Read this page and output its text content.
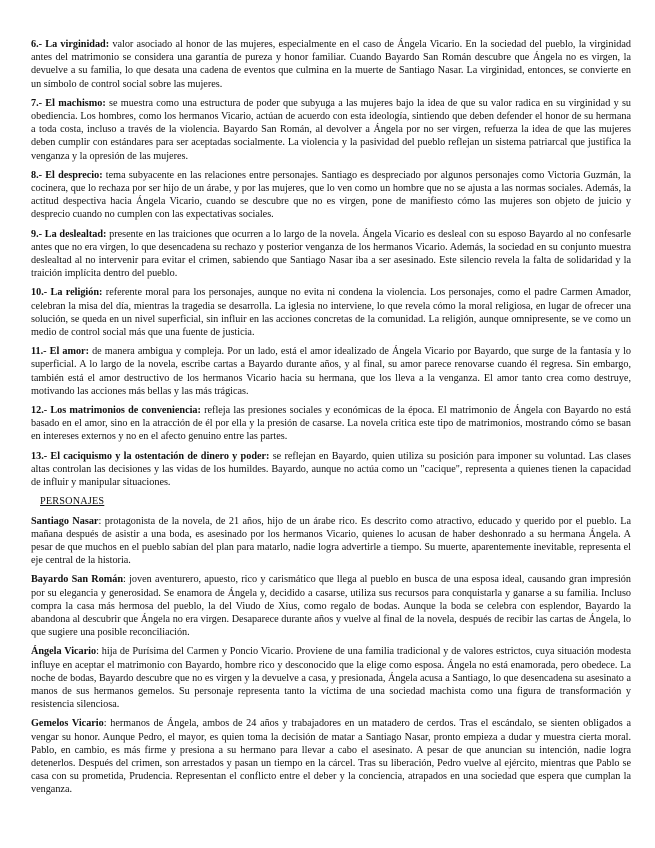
6.- La virginidad: valor asociado al honor de las mujeres, especialmente en el caso de Ángela Vicario. En la sociedad del pueblo, la virginidad antes del matrimonio se considera una garantía de pureza y honor familiar. Cuando Bayardo San Román descubre que Ángela no es virgen, la devuelve a su familia, lo que desata una cadena de eventos que culmina en la muerte de Santiago Nasar. La virginidad, entonces, se convierte en un símbolo de control social sobre las mujeres.

7.- El machismo: se muestra como una estructura de poder que subyuga a las mujeres bajo la idea de que su valor radica en su virginidad y su obediencia. Los hombres, como los hermanos Vicario, actúan de acuerdo con esta ideología, sintiendo que deben defender el honor de su hermana a toda costa, incluso a través de la violencia. Bayardo San Román, al devolver a Ángela por no ser virgen, refuerza la idea de que las mujeres deben cumplir con estándares para ser aceptadas socialmente. La violencia y la pasividad del pueblo reflejan un sistema patriarcal que justifica la venganza y la opresión de las mujeres.

8.- El desprecio: tema subyacente en las relaciones entre personajes. Santiago es despreciado por algunos personajes como Victoria Guzmán, la cocinera, que lo rechaza por ser hijo de un árabe, y por las mujeres, que lo ven como un hombre que no se ajusta a las normas sociales. Además, la actitud despectiva hacia Ángela Vicario, cuando se descubre que no es virgen, pone de manifiesto cómo las mujeres son objeto de juicio y desprecio cuando no cumplen con las expectativas sociales.

9.- La deslealtad: presente en las traiciones que ocurren a lo largo de la novela. Ángela Vicario es desleal con su esposo Bayardo al no confesarle antes que no era virgen, lo que desencadena su rechazo y posterior venganza de los hermanos Vicario. Además, la sociedad en su conjunto muestra deslealtad al no intervenir para evitar el crimen, sabiendo que Santiago Nasar iba a ser asesinado. Este silencio revela la falta de solidaridad y la traición implícita dentro del pueblo.

10.- La religión: referente moral para los personajes, aunque no evita ni condena la violencia. Los personajes, como el padre Carmen Amador, celebran la misa del día, mientras la tragedia se desarrolla. La iglesia no interviene, lo que revela cómo la moral religiosa, en lugar de ofrecer una solución, se queda en un nivel superficial, sin influir en las acciones concretas de la comunidad. La religión, aunque omnipresente, se ve como un medio de control social más que una fuente de justicia.

11.- El amor: de manera ambigua y compleja. Por un lado, está el amor idealizado de Ángela Vicario por Bayardo, que surge de la fantasía y lo superficial. A lo largo de la novela, escribe cartas a Bayardo durante años, y al final, su amor parece renovarse cuando él regresa. Sin embargo, también está el amor destructivo de los hermanos Vicario hacia su hermana, que los lleva a la venganza. El amor tanto crea como destruye, motivando las acciones más bellas y las más trágicas.

12.- Los matrimonios de conveniencia: refleja las presiones sociales y económicas de la época. El matrimonio de Ángela con Bayardo no está basado en el amor, sino en la atracción de él por ella y la presión de casarse. La novela critica este tipo de matrimonios, mostrando cómo se basan en intereses externos y no en el afecto genuino entre las partes.

13.- El caciquismo y la ostentación de dinero y poder: se reflejan en Bayardo, quien utiliza su posición para imponer su voluntad. Las clases altas controlan las decisiones y las vidas de los humildes. Bayardo, aunque no actúa como un "cacique", representa a quienes tienen la capacidad de influir y manipular situaciones.

PERSONAJES

Santiago Nasar: protagonista de la novela, de 21 años, hijo de un árabe rico. Es descrito como atractivo, educado y querido por el pueblo. La mañana después de asistir a una boda, es asesinado por los hermanos Vicario, quienes lo acusan de haber deshonrado a su hermana Ángela. A pesar de que muchos en el pueblo sabían del plan para matarlo, nadie logra advertirle a tiempo. Su muerte, aparentemente inevitable, representa el eje central de la historia.

Bayardo San Román: joven aventurero, apuesto, rico y carismático que llega al pueblo en busca de una esposa ideal, causando gran impresión por su elegancia y generosidad. Se enamora de Ángela y, decidido a casarse, utiliza sus recursos para conquistarla y ganarse a su familia. Incluso compra la casa más hermosa del pueblo, la del Viudo de Xius, como regalo de bodas. Aunque la boda se celebra con esplendor, Bayardo la abandona al descubrir que Ángela no era virgen. Desaparece durante años y vuelve al final de la novela, después de recibir las cartas de Ángela, lo que sugiere una posible reconciliación.

Ángela Vicario: hija de Purísima del Carmen y Poncio Vicario. Proviene de una familia tradicional y de valores estrictos, cuya situación modesta influye en aceptar el matrimonio con Bayardo, hombre rico y desconocido que la elige como esposa. Ángela no está enamorada, pero obedece. La noche de bodas, Bayardo descubre que no es virgen y la devuelve a casa, y presionada, Ángela acusa a Santiago, lo que desencadena su asesinato a manos de sus hermanos gemelos. Su personaje representa tanto la víctima de una sociedad machista como una figura de transformación y resistencia silenciosa.

Gemelos Vicario: hermanos de Ángela, ambos de 24 años y trabajadores en un matadero de cerdos. Tras el escándalo, se sienten obligados a vengar su honor. Aunque Pedro, el mayor, es quien toma la decisión de matar a Santiago Nasar, pronto empieza a dudar y muestra cierta moral. Pablo, en cambio, es más firme y presiona a su hermano para llevar a cabo el asesinato. A pesar de que anuncian su intención, nadie logra detenerlos. Después del crimen, son arrestados y pasan un tiempo en la cárcel. Tras su liberación, Pedro vuelve al ejército, mientras que Pablo se casa con su prometida, Prudencia. Representan el conflicto entre el deber y la conciencia, atrapados en una sociedad que espera que cumplan la venganza.
